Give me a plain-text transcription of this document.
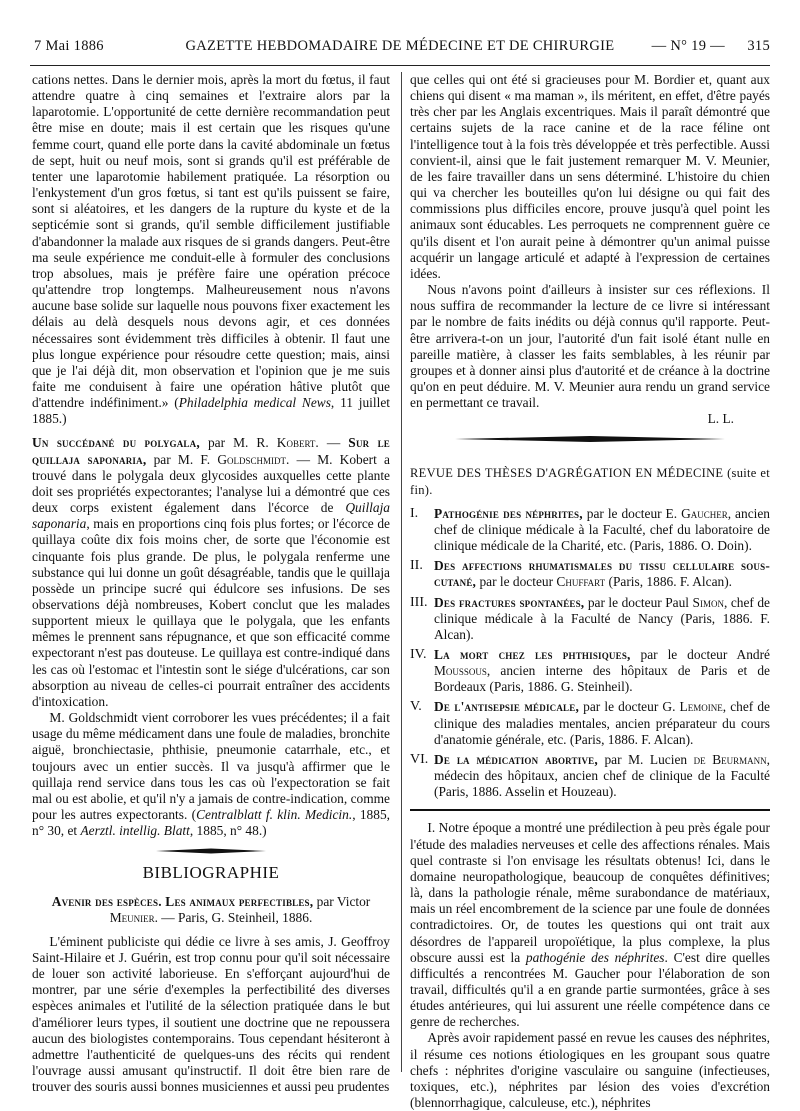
7 Mai 1886	GAZETTE HEBDOMADAIRE DE MÉDECINE ET DE CHIRURGIE	— N° 19 — 315

cations nettes. Dans le dernier mois, après la mort du fœtus, il faut attendre quatre à cinq semaines et l'extraire alors par la laparotomie. L'opportunité de cette dernière recommandation peut être mise en doute; mais il est certain que les risques qu'une femme court, quand elle porte dans la cavité abdominale un fœtus de sept, huit ou neuf mois, sont si grands qu'il est préférable de tenter une laparotomie habilement pratiquée. La résorption ou l'enkystement d'un gros fœtus, si tant est qu'ils puissent se faire, sont si aléatoires, et les dangers de la rupture du kyste et de la septicémie sont si grands, qu'il semble difficilement justifiable d'abandonner la malade aux risques de si grands dangers. Peut-être ma seule expérience me conduit-elle à formuler des conclusions trop absolues, mais je préfère faire une opération précoce qu'attendre trop longtemps. Malheureusement nous n'avons aucune base solide sur laquelle nous pouvons fixer exactement les délais au delà desquels nous devons agir, et ces données nécessaires sont évidemment très difficiles à obtenir. Il faut une plus longue expérience pour résoudre cette question; mais, ainsi que je l'ai déjà dit, mon observation et l'opinion que je me suis faite me conduisent à faire une opération hâtive plutôt que d'attendre indéfiniment.» (Philadelphia medical News, 11 juillet 1885.)

Un succédané du polygala, par M. R. Kobert. — Sur le quillaja saponaria, par M. F. Goldschmidt. — M. Kobert a trouvé dans le polygala deux glycosides auxquelles cette plante doit ses propriétés expectorantes; l'analyse lui a démontré que ces deux corps existent également dans l'écorce de Quillaja saponaria, mais en proportions cinq fois plus fortes; or l'écorce de quillaya coûte dix fois moins cher, de sorte que l'économie est cinquante fois plus grande. De plus, le polygala renferme une substance qui lui donne un goût désagréable, tandis que le quillaja possède un principe sucré qui édulcore ses infusions. De ses observations déjà nombreuses, Kobert conclut que les malades supportent mieux le quillaya que le polygala, que les enfants mêmes le prennent sans répugnance, et que son efficacité comme expectorant n'est pas douteuse. Le quillaya est contre-indiqué dans les cas où l'estomac et l'intestin sont le siége d'ulcérations, car son absorption au niveau de celles-ci pourrait entraîner des accidents d'intoxication.

M. Goldschmidt vient corroborer les vues précédentes; il a fait usage du même médicament dans une foule de maladies, bronchite aiguë, bronchiectasie, phthisie, pneumonie catarrhale, etc., et toujours avec un entier succès. Il va jusqu'à affirmer que le quillaja rend service dans tous les cas où l'expectoration se fait mal ou est abolie, et qu'il n'y a jamais de contre-indication, comme pour les autres expectorants. (Centralblatt f. klin. Medicin., 1885, n° 30, et Aerztl. intellig. Blatt, 1885, n° 48.)

BIBLIOGRAPHIE

Avenir des espèces. Les animaux perfectibles, par Victor Meunier. — Paris, G. Steinheil, 1886.

L'éminent publiciste qui dédie ce livre à ses amis, J. Geoffroy Saint-Hilaire et J. Guérin, est trop connu pour qu'il soit nécessaire de louer son activité laborieuse. En s'efforçant aujourd'hui de montrer, par une série d'exemples la perfectibilité des diverses espèces animales et l'utilité de la sélection pratiquée dans le but d'améliorer leurs types, il soutient une doctrine que ne repoussera aucun des biologistes contemporains. Tous cependant hésiteront à admettre l'authenticité de quelques-uns des récits qui rendent l'ouvrage aussi amusant qu'instructif. Il doit être bien rare de trouver des souris aussi bonnes musiciennes et aussi peu prudentes

que celles qui ont été si gracieuses pour M. Bordier et, quant aux chiens qui disent « ma maman », ils méritent, en effet, d'être payés très cher par les Anglais excentriques. Mais il paraît démontré que certains sujets de la race canine et de la race féline ont l'intelligence tout à la fois très développée et très perfectible. Aussi convient-il, ainsi que le fait justement remarquer M. V. Meunier, de les faire travailler dans un sens déterminé. L'histoire du chien qui va chercher les bouteilles qu'on lui désigne ou qui fait des commissions plus difficiles encore, prouve jusqu'à quel point les animaux sont éducables. Les perroquets ne comprennent guère ce qu'ils disent et l'on aurait peine à démontrer qu'un animal puisse acquérir un langage articulé et adapté à l'expression de certaines idées.

Nous n'avons point d'ailleurs à insister sur ces réflexions. Il nous suffira de recommander la lecture de ce livre si intéressant par le nombre de faits inédits ou déjà connus qu'il rapporte. Peut-être arrivera-t-on un jour, l'autorité d'un fait isolé étant nulle en pareille matière, à classer les faits semblables, à les réunir par groupes et à donner ainsi plus d'autorité et de créance à la doctrine qu'on en peut déduire. M. V. Meunier aura rendu un grand service en permettant ce travail.

L. L.
REVUE DES THÈSES D'AGRÉGATION EN MÉDECINE (suite et fin).
I.	Pathogénie des néphrites, par le docteur E. Gaucher, ancien chef de clinique médicale à la Faculté, chef du laboratoire de clinique médicale de la Charité, etc. (Paris, 1886. O. Doin).
II. Des affections rhumatismales du tissu cellulaire sous-cutané, par le docteur Chuffart (Paris, 1886. F. Alcan).
III. Des fractures spontanées, par le docteur Paul Simon, chef de clinique médicale à la Faculté de Nancy (Paris, 1886. F. Alcan).
IV. La mort chez les phthisiques, par le docteur André Moussous, ancien interne des hôpitaux de Paris et de Bordeaux (Paris, 1886. G. Steinheil).
V. De l'antisepsie médicale, par le docteur G. Lemoine, chef de clinique des maladies mentales, ancien préparateur du cours d'anatomie générale, etc. (Paris, 1886. F. Alcan).
VI. De la médication abortive, par M. Lucien de Beurmann, médecin des hôpitaux, ancien chef de clinique de la Faculté (Paris, 1886. Asselin et Houzeau).

I. Notre époque a montré une prédilection à peu près égale pour l'étude des maladies nerveuses et celle des affections rénales. Mais quel contraste si l'on envisage les résultats obtenus! Ici, dans le domaine neuropathologique, beaucoup de conquêtes définitives; là, dans la pathologie rénale, même surabondance de matériaux, mais un réel encombrement de la science par une foule de données contradictoires. Or, de toutes les questions qui ont trait aux désordres de l'appareil uropoïétique, la plus complexe, la plus obscure aussi est la pathogénie des néphrites. C'est dire quelles difficultés a rencontrées M. Gaucher pour l'élaboration de son travail, difficultés qu'il a en grande partie surmontées, grâce à ses études antérieures, qui lui assurent une réelle compétence dans ce genre de recherches.

Après avoir rapidement passé en revue les causes des néphrites, il résume ces notions étiologiques en les groupant sous quatre chefs : néphrites d'origine vasculaire ou sanguine (infectieuses, toxiques, etc.), néphrites par lésion des voies d'excrétion (blennorrhagique, calculeuse, etc.), néphrites
